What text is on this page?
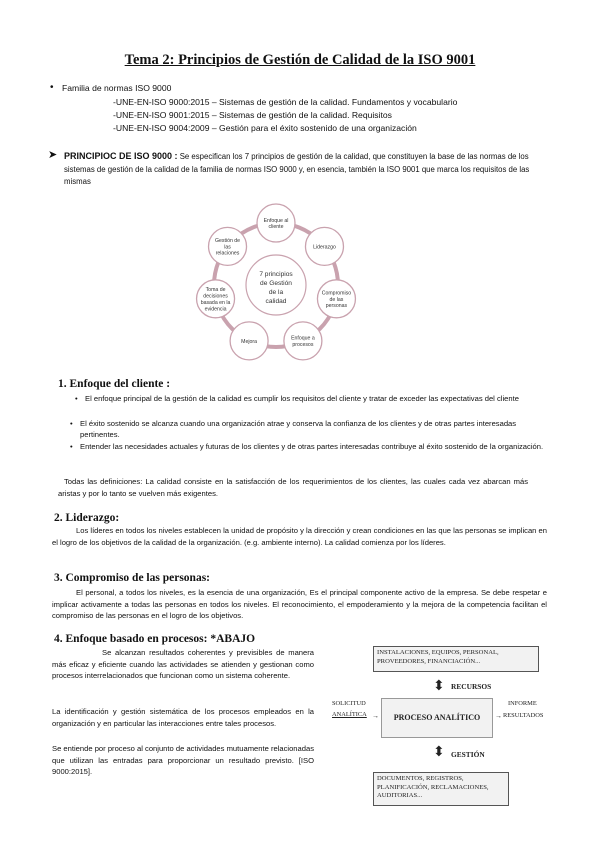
Tema 2: Principios de Gestión de Calidad de la ISO 9001
• Familia de normas ISO 9000
-UNE-EN-ISO 9000:2015 – Sistemas de gestión de la calidad. Fundamentos y vocabulario
-UNE-EN-ISO 9001:2015 – Sistemas de gestión de la calidad. Requisitos
-UNE-EN-ISO 9004:2009 – Gestión para el éxito sostenido de una organización
➤ PRINCIPIOC DE ISO 9000 : Se especifican los 7 principios de gestión de la calidad, que constituyen la base de las normas de los sistemas de gestión de la calidad de la familia de normas ISO 9000 y, en esencia, también la ISO 9001 que marca los requisitos de las mismas
7 principios
de Gestión
de la
calidad
Enfoque al
cliente
Liderazgo
Compromiso
de las
personas
Enfoque a
procesos
Mejora
Toma de
decisiones
basada en la
evidencia
Gestión de
las
relaciones
1. Enfoque del cliente :
• El enfoque principal de la gestión de la calidad es cumplir los requisitos del cliente y tratar de exceder las expectativas del cliente
• El éxito sostenido se alcanza cuando una organización atrae y conserva la confianza de los clientes y de otras partes interesadas pertinentes.
• Entender las necesidades actuales y futuras de los clientes y de otras partes interesadas contribuye al éxito sostenido de la organización.
Todas las definiciones: La calidad consiste en la satisfacción de los requerimientos de los clientes, las cuales cada vez abarcan más aristas y por lo tanto se vuelven más exigentes.
2. Liderazgo:
Los líderes en todos los niveles establecen la unidad de propósito y la dirección y crean condiciones en las que las personas se implican en el logro de los objetivos de la calidad de la organización. (e.g. ambiente interno). La calidad comienza por los líderes.
3. Compromiso de las personas:
El personal, a todos los niveles, es la esencia de una organización, Es el principal componente activo de la empresa. Se debe respetar e implicar activamente a todas las personas en todos los niveles. El reconocimiento, el empoderamiento y la mejora de la competencia facilitan el compromiso de las personas en el logro de los objetivos.
4. Enfoque basado en procesos: *ABAJO
Se alcanzan resultados coherentes y previsibles de manera más eficaz y eficiente cuando las actividades se atienden y gestionan como procesos interrelacionados que funcionan como un sistema coherente.
La identificación y gestión sistemática de los procesos empleados en la organización y en particular las interacciones entre tales procesos.
Se entiende por proceso al conjunto de actividades mutuamente relacionadas que utilizan las entradas para proporcionar un resultado previsto. [ISO 9000:2015].
INSTALACIONES, EQUIPOS, PERSONAL, PROVEEDORES, FINANCIACIÓN...
⬍ RECURSOS
SOLICITUD
ANALÍTICA →	PROCESO ANALÍTICO	→
INFORME
RESULTADOS
⬍ GESTIÓN
DOCUMENTOS, REGISTROS, PLANIFICACIÓN, RECLAMACIONES, AUDITORIAS...
